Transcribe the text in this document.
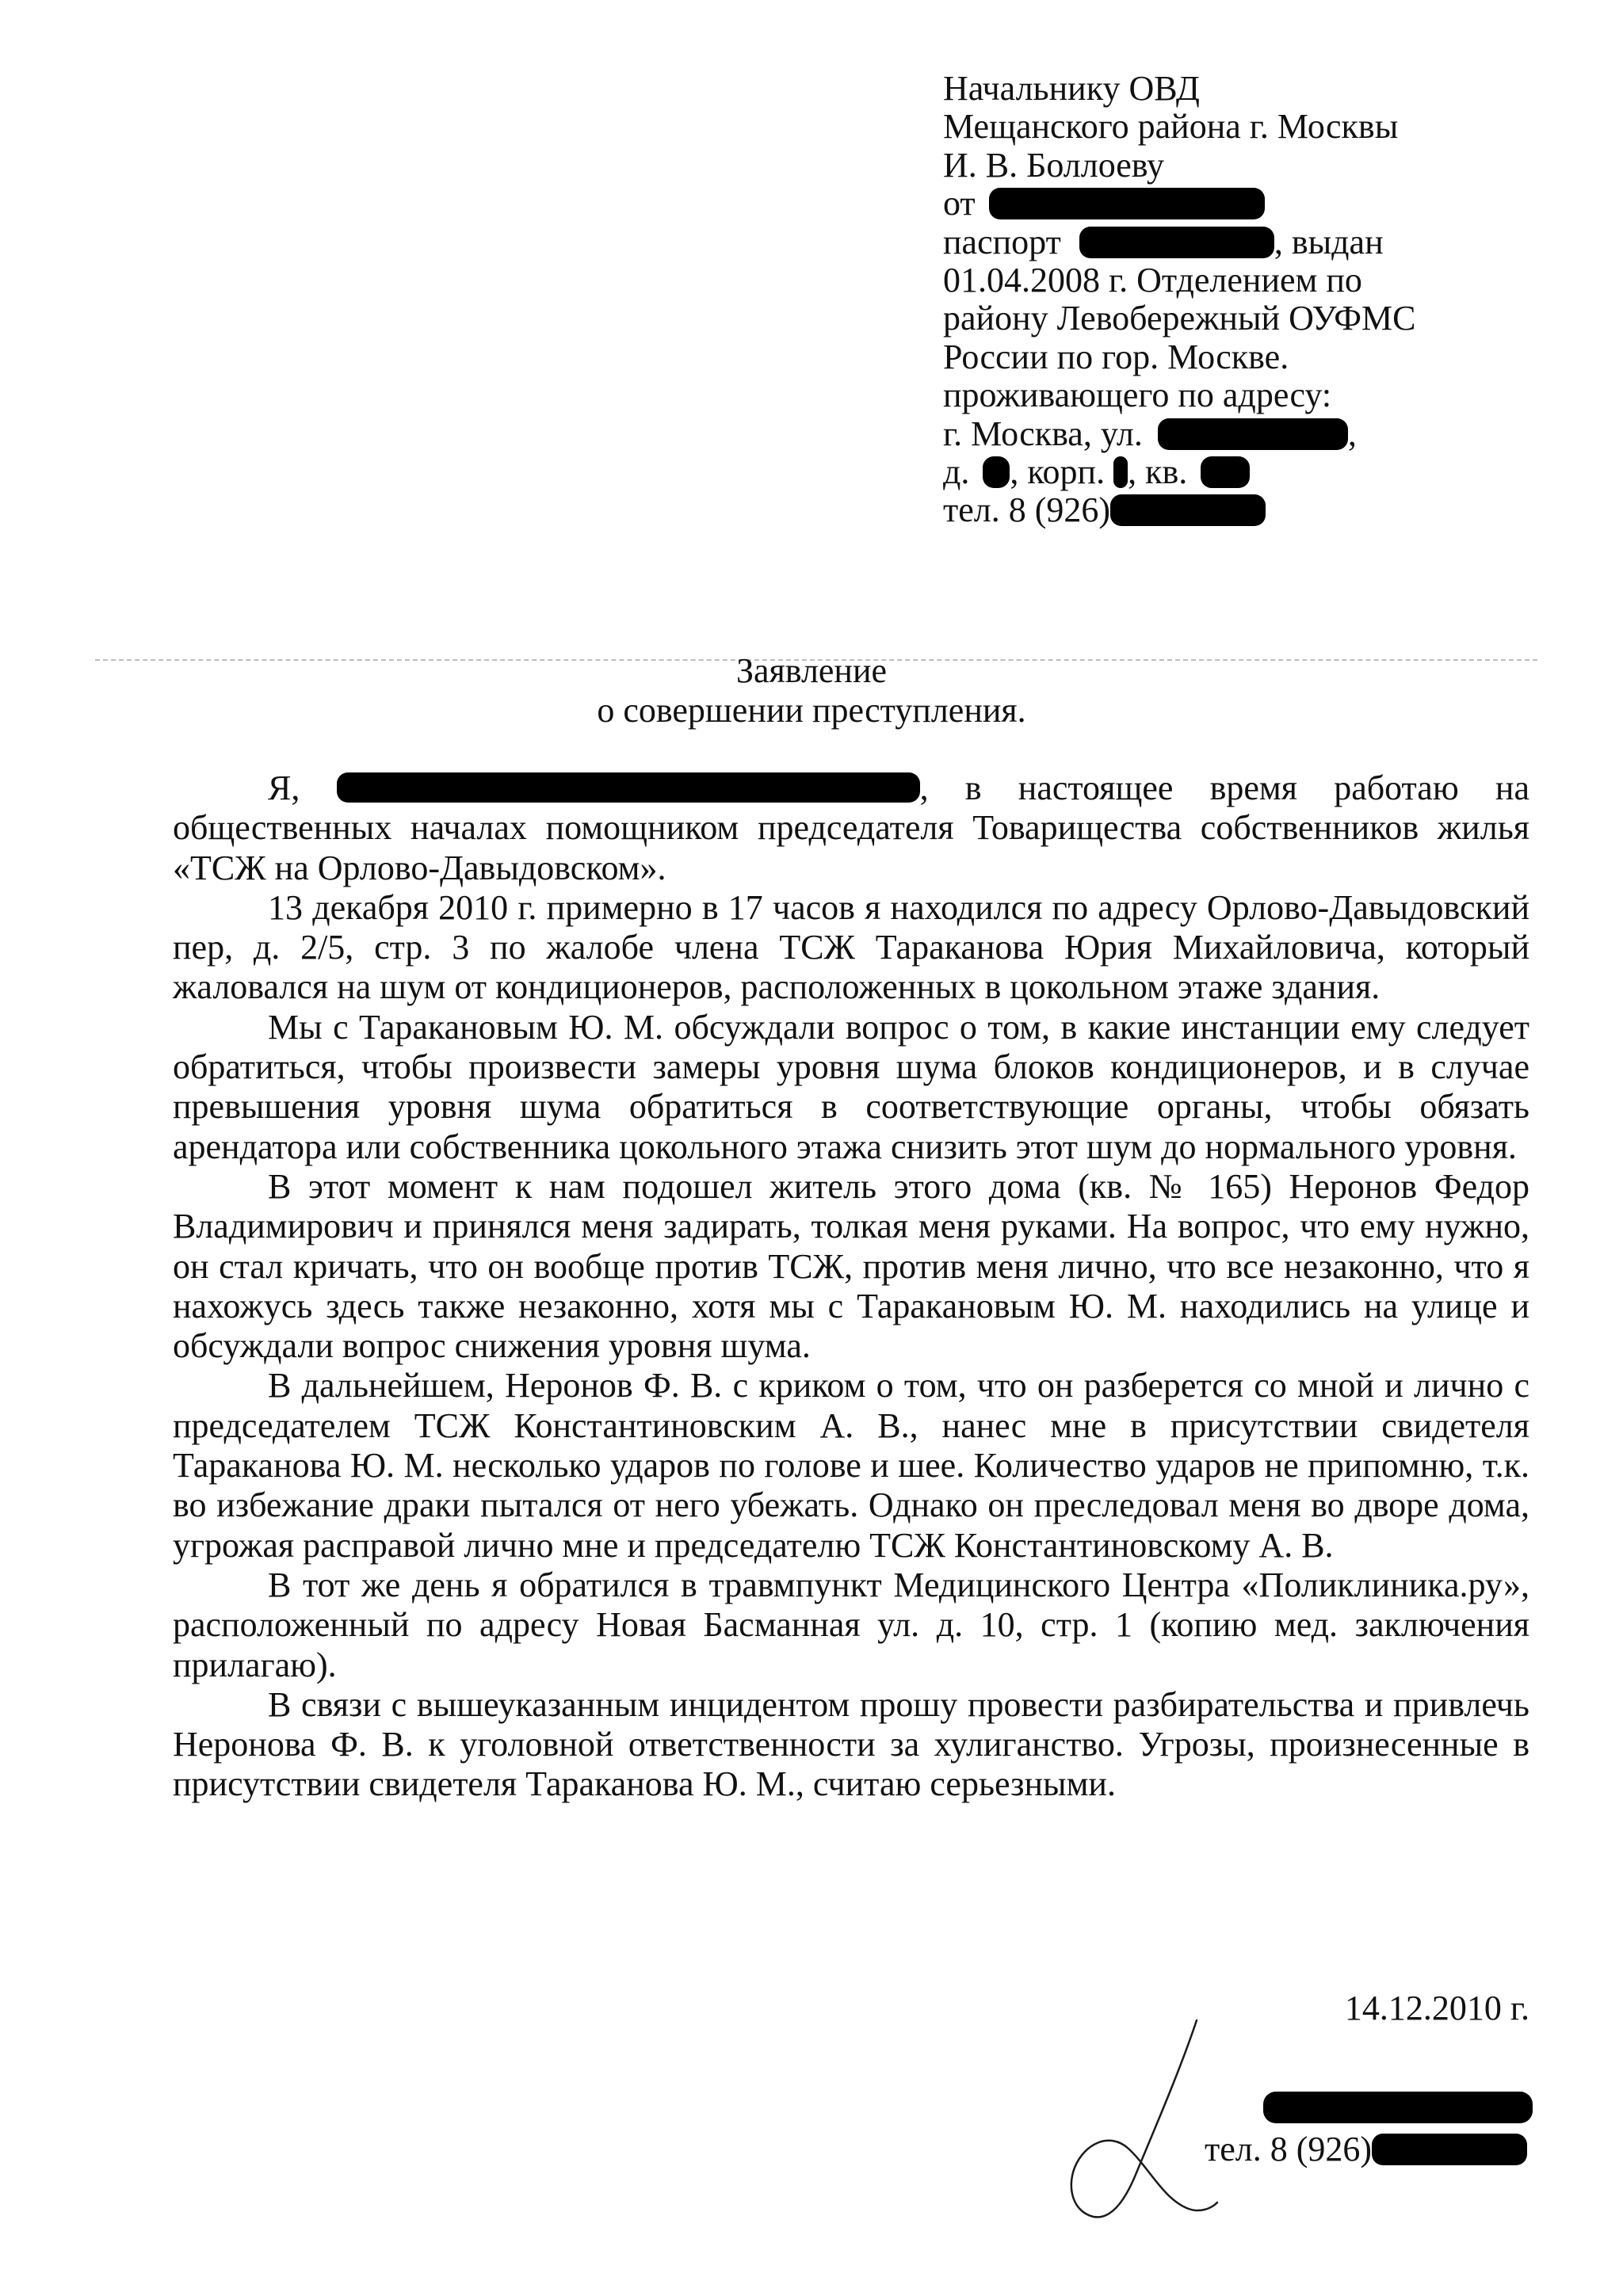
Начальнику ОВД
Мещанского района г. Москвы
И. В. Боллоеву
от
паспорт	, выдан
01.04.2008 г. Отделением по
району Левобережный ОУФМС
России по гор. Москве.
проживающего по адресу:
г. Москва, ул.	,
д. , корп. , кв.
тел. 8 (926)
Заявление
о совершении преступления.

Я,	, в настоящее время работаю на общественных началах помощником председателя Товарищества собственников жилья «ТСЖ на Орлово-Давыдовском».

13 декабря 2010 г. примерно в 17 часов я находился по адресу Орлово-Давыдовский пер, д. 2/5, стр. 3 по жалобе члена ТСЖ Тараканова Юрия Михайловича, который жаловался на шум от кондиционеров, расположенных в цокольном этаже здания.

Мы с Таракановым Ю. М. обсуждали вопрос о том, в какие инстанции ему следует обратиться, чтобы произвести замеры уровня шума блоков кондиционеров, и в случае превышения уровня шума обратиться в соответствующие органы, чтобы обязать арендатора или собственника цокольного этажа снизить этот шум до нормального уровня.

В этот момент к нам подошел житель этого дома (кв. № 165) Неронов Федор Владимирович и принялся меня задирать, толкая меня руками. На вопрос, что ему нужно, он стал кричать, что он вообще против ТСЖ, против меня лично, что все незаконно, что я нахожусь здесь также незаконно, хотя мы с Таракановым Ю. М. находились на улице и обсуждали вопрос снижения уровня шума.

В дальнейшем, Неронов Ф. В. с криком о том, что он разберется со мной и лично с председателем ТСЖ Константиновским А. В., нанес мне в присутствии свидетеля Тараканова Ю. М. несколько ударов по голове и шее. Количество ударов не припомню, т.к. во избежание драки пытался от него убежать. Однако он преследовал меня во дворе дома, угрожая расправой лично мне и председателю ТСЖ Константиновскому А. В.

В тот же день я обратился в травмпункт Медицинского Центра «Поликлиника.ру», расположенный по адресу Новая Басманная ул. д. 10, стр. 1 (копию мед. заключения прилагаю).

В связи с вышеуказанным инцидентом прошу провести разбирательства и привлечь Неронова Ф. В. к уголовной ответственности за хулиганство. Угрозы, произнесенные в присутствии свидетеля Тараканова Ю. М., считаю серьезными.

14.12.2010 г.
тел. 8 (926)
